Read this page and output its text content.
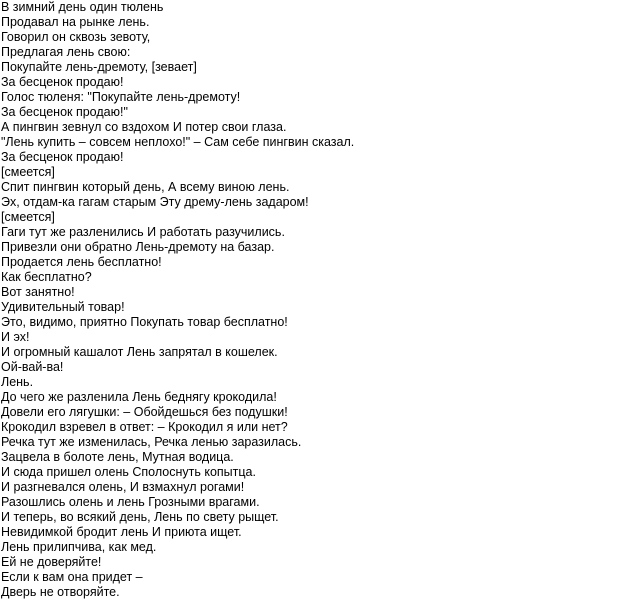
В зимний день один тюлень
Продавал на рынке лень.
Говорил он сквозь зевоту,
Предлагая лень свою:
Покупайте лень-дремоту, [зевает]
За бесценок продаю!
Голос тюленя: "Покупайте лень-дремоту!
За бесценок продаю!"
А пингвин зевнул со вздохом И потер свои глаза.
"Лень купить – совсем неплохо!" – Сам себе пингвин сказал.
За бесценок продаю!
[смеется]
Спит пингвин который день, А всему виною лень.
Эх, отдам-ка гагам старым Эту дрему-лень задаром!
[смеется]
Гаги тут же разленились И работать разучились.
Привезли они обратно Лень-дремоту на базар.
Продается лень бесплатно!
Как бесплатно?
Вот занятно!
Удивительный товар!
Это, видимо, приятно Покупать товар бесплатно!
И эх!
И огромный кашалот Лень запрятал в кошелек.
Ой-вай-ва!
Лень.
До чего же разленила Лень беднягу крокодила!
Довели его лягушки: – Обойдешься без подушки!
Крокодил взревел в ответ: – Крокодил я или нет?
Речка тут же изменилась, Речка ленью заразилась.
Зацвела в болоте лень, Мутная водица.
И сюда пришел олень Сполоснуть копытца.
И разгневался олень, И взмахнул рогами!
Разошлись олень и лень Грозными врагами.
И теперь, во всякий день, Лень по свету рыщет.
Невидимкой бродит лень И приюта ищет.
Лень прилипчива, как мед.
Ей не доверяйте!
Если к вам она придет –
Дверь не отворяйте.
